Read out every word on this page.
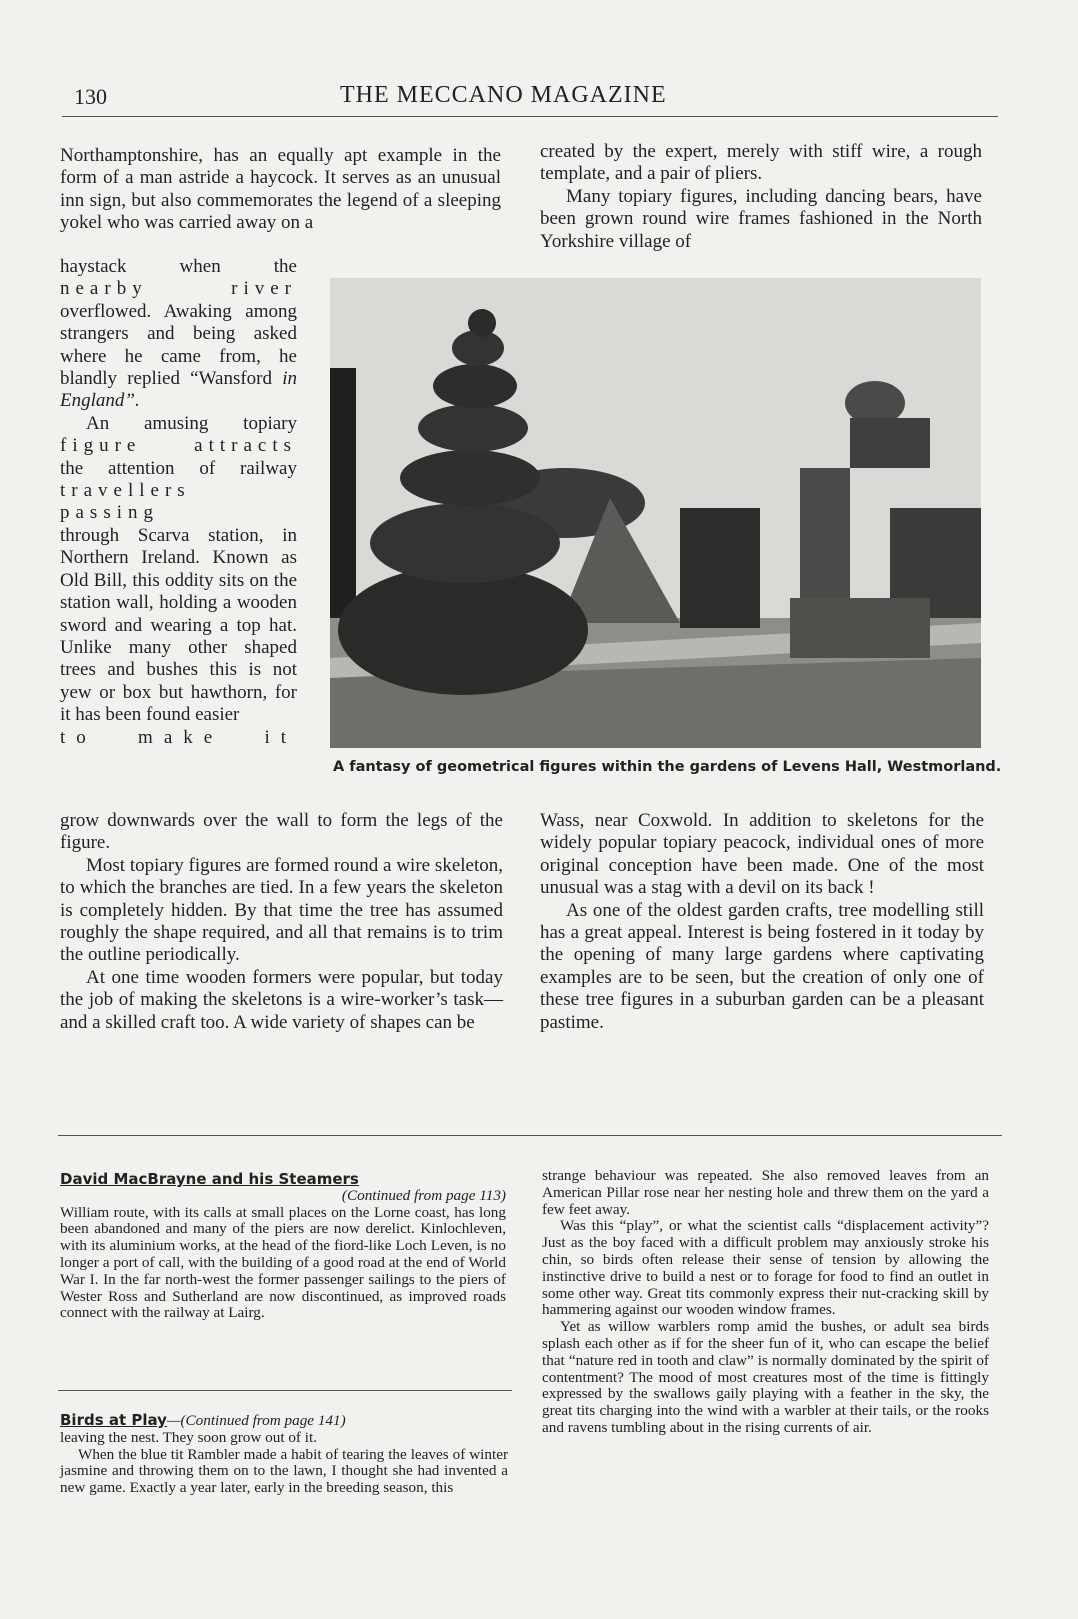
130	THE MECCANO MAGAZINE

Northamptonshire, has an equally apt example in the form of a man astride a haycock. It serves as an unusual inn sign, but also commemorates the legend of a sleeping yokel who was carried away on a

haystack when the

nearby river

overflowed. Awaking among strangers and being asked where he came from, he blandly replied “Wansford in England”.

An amusing topiary

figure attracts

the attention of railway

travellers passing

through Scarva station, in Northern Ireland. Known as Old Bill, this oddity sits on the station wall, holding a wooden sword and wearing a top hat. Unlike many other shaped trees and bushes this is not yew or box but hawthorn, for it has been found easier

to make it

grow downwards over the wall to form the legs of the figure.

Most topiary figures are formed round a wire skeleton, to which the branches are tied. In a few years the skeleton is completely hidden. By that time the tree has assumed roughly the shape required, and all that remains is to trim the outline periodically.

At one time wooden formers were popular, but today the job of making the skeletons is a wire-worker’s task—and a skilled craft too. A wide variety of shapes can be

created by the expert, merely with stiff wire, a rough template, and a pair of pliers.

Many topiary figures, including dancing bears, have been grown round wire frames fashioned in the North Yorkshire village of

A fantasy of geometrical figures within the gardens of Levens Hall, Westmorland.

Wass, near Coxwold. In addition to skeletons for the widely popular topiary peacock, individual ones of more original conception have been made. One of the most unusual was a stag with a devil on its back !

As one of the oldest garden crafts, tree modelling still has a great appeal. Interest is being fostered in it today by the opening of many large gardens where captivating examples are to be seen, but the creation of only one of these tree figures in a suburban garden can be a pleasant pastime.

David MacBrayne and his Steamers
(Continued from page 113)

William route, with its calls at small places on the Lorne coast, has long been abandoned and many of the piers are now derelict. Kinlochleven, with its aluminium works, at the head of the fiord-like Loch Leven, is no longer a port of call, with the building of a good road at the end of World War I. In the far north-west the former passenger sailings to the piers of Wester Ross and Sutherland are now discontinued, as improved roads connect with the railway at Lairg.

Birds at Play—(Continued from page 141)

leaving the nest. They soon grow out of it.

When the blue tit Rambler made a habit of tearing the leaves of winter jasmine and throwing them on to the lawn, I thought she had invented a new game. Exactly a year later, early in the breeding season, this

strange behaviour was repeated. She also removed leaves from an American Pillar rose near her nesting hole and threw them on the yard a few feet away.

Was this “play”, or what the scientist calls “displacement activity”? Just as the boy faced with a difficult problem may anxiously stroke his chin, so birds often release their sense of tension by allowing the instinctive drive to build a nest or to forage for food to find an outlet in some other way. Great tits commonly express their nut-cracking skill by hammering against our wooden window frames.

Yet as willow warblers romp amid the bushes, or adult sea birds splash each other as if for the sheer fun of it, who can escape the belief that “nature red in tooth and claw” is normally dominated by the spirit of contentment? The mood of most creatures most of the time is fittingly expressed by the swallows gaily playing with a feather in the sky, the great tits charging into the wind with a warbler at their tails, or the rooks and ravens tumbling about in the rising currents of air.
